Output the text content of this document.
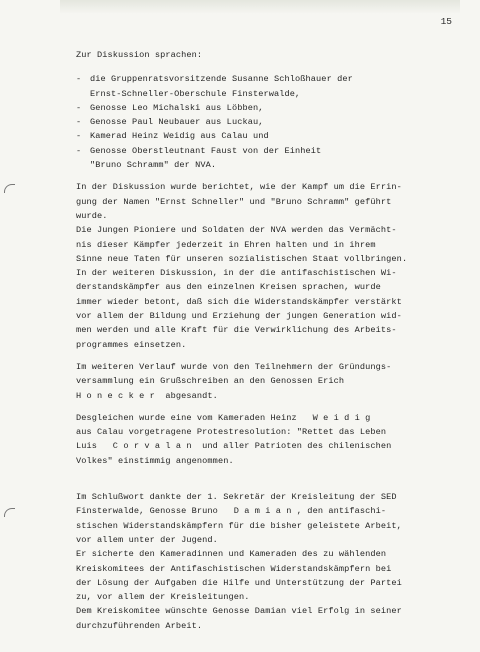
15
Zur Diskussion sprachen:
- die Gruppenratsvorsitzende Susanne Schloßhauer der
Ernst-Schneller-Oberschule Finsterwalde,
- Genosse Leo Michalski aus Löbben,
- Genosse Paul Neubauer aus Luckau,
- Kamerad Heinz Weidig aus Calau und
- Genosse Oberstleutnant Faust von der Einheit
"Bruno Schramm" der NVA.
In der Diskussion wurde berichtet, wie der Kampf um die Errin-
gung der Namen "Ernst Schneller" und "Bruno Schramm" geführt
wurde.
Die Jungen Pioniere und Soldaten der NVA werden das Vermächt-
nis dieser Kämpfer jederzeit in Ehren halten und in ihrem
Sinne neue Taten für unseren sozialistischen Staat vollbringen.
In der weiteren Diskussion, in der die antifaschistischen Wi-
derstandskämpfer aus den einzelnen Kreisen sprachen, wurde
immer wieder betont, daß sich die Widerstandskämpfer verstärkt
vor allem der Bildung und Erziehung der jungen Generation wid-
men werden und alle Kraft für die Verwirklichung des Arbeits-
programmes einsetzen.
Im weiteren Verlauf wurde von den Teilnehmern der Gründungs-
versammlung ein Grußschreiben an den Genossen Erich
H o n e c k e r  abgesandt.
Desgleichen wurde eine vom Kameraden Heinz   W e i d i g
aus Calau vorgetragene Protestresolution: "Rettet das Leben
Luis   C o r v a l a n  und aller Patrioten des chilenischen
Volkes" einstimmig angenommen.
Im Schlußwort dankte der 1. Sekretär der Kreisleitung der SED
Finsterwalde, Genosse Bruno   D a m i a n , den antifaschi-
stischen Widerstandskämpfern für die bisher geleistete Arbeit,
vor allem unter der Jugend.
Er sicherte den Kameradinnen und Kameraden des zu wählenden
Kreiskomitees der Antifaschistischen Widerstandskämpfern bei
der Lösung der Aufgaben die Hilfe und Unterstützung der Partei
zu, vor allem der Kreisleitungen.
Dem Kreiskomitee wünschte Genosse Damian viel Erfolg in seiner
durchzuführenden Arbeit.
